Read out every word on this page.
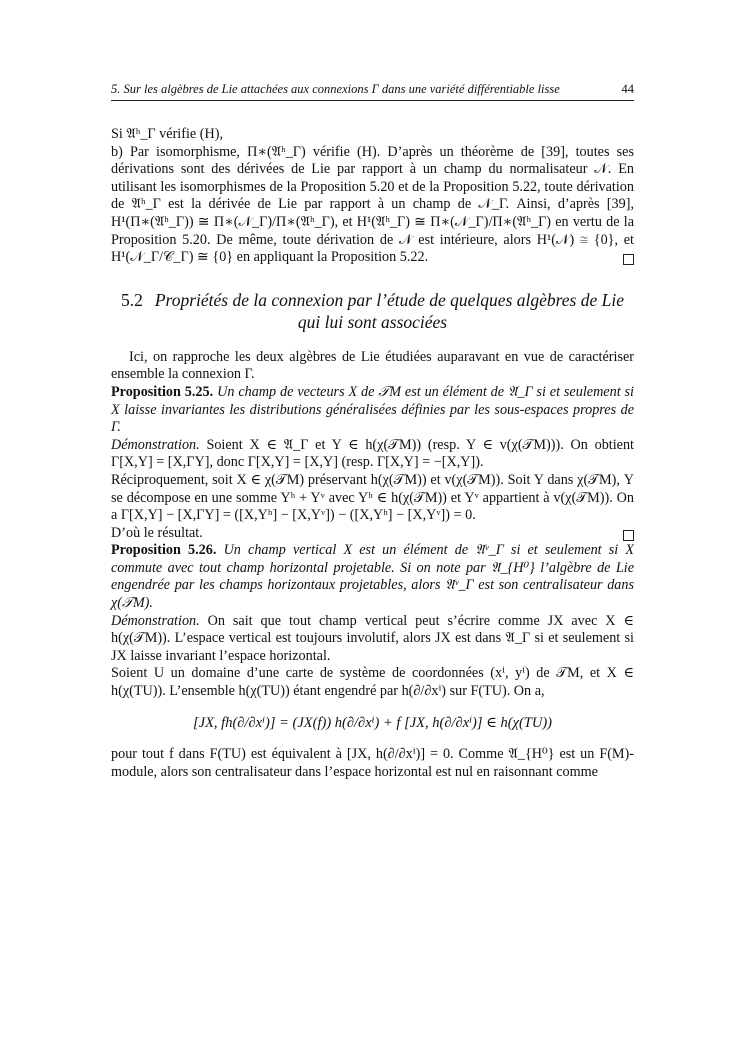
5. Sur les algèbres de Lie attachées aux connexions Γ dans une variété différentiable lisse	44

Si 𝔄ʰ_Γ vérifie (H),

b) Par isomorphisme, Π∗(𝔄ʰ_Γ) vérifie (H). D’après un théorème de [39], toutes ses dérivations sont des dérivées de Lie par rapport à un champ du normalisateur 𝒩. En utilisant les isomorphismes de la Proposition 5.20 et de la Proposition 5.22, toute dérivation de 𝔄ʰ_Γ est la dérivée de Lie par rapport à un champ de 𝒩_Γ. Ainsi, d’après [39], H¹(Π∗(𝔄ʰ_Γ)) ≅ Π∗(𝒩_Γ)/Π∗(𝔄ʰ_Γ), et H¹(𝔄ʰ_Γ) ≅ Π∗(𝒩_Γ)/Π∗(𝔄ʰ_Γ) en vertu de la Proposition 5.20. De même, toute dérivation de 𝒩 est intérieure, alors H¹(𝒩) ≅ {0}, et H¹(𝒩_Γ/𝒞_Γ) ≅ {0} en appliquant la Proposition 5.22.

5.2 Propriétés de la connexion par l’étude de quelques algèbres de Lie qui lui sont associées

Ici, on rapproche les deux algèbres de Lie étudiées auparavant en vue de caractériser ensemble la connexion Γ.

Proposition 5.25. Un champ de vecteurs X de 𝒯M est un élément de 𝔄_Γ si et seulement si X laisse invariantes les distributions généralisées définies par les sous-espaces propres de Γ.

Démonstration. Soient X ∈ 𝔄_Γ et Y ∈ h(χ(𝒯M)) (resp. Y ∈ v(χ(𝒯M))). On obtient Γ[X,Y] = [X,ΓY], donc Γ[X,Y] = [X,Y] (resp. Γ[X,Y] = −[X,Y]).

Réciproquement, soit X ∈ χ(𝒯M) préservant h(χ(𝒯M)) et v(χ(𝒯M)). Soit Y dans χ(𝒯M), Y se décompose en une somme Yʰ + Yᵛ avec Yʰ ∈ h(χ(𝒯M)) et Yᵛ appartient à v(χ(𝒯M)). On a Γ[X,Y] − [X,ΓY] = ([X,Yʰ] − [X,Yᵛ]) − ([X,Yʰ] − [X,Yᵛ]) = 0.

D’où le résultat.

Proposition 5.26. Un champ vertical X est un élément de 𝔄ᵛ_Γ si et seulement si X commute avec tout champ horizontal projetable. Si on note par 𝔄_{H⁰} l’algèbre de Lie engendrée par les champs horizontaux projetables, alors 𝔄ᵛ_Γ est son centralisateur dans χ(𝒯M).

Démonstration. On sait que tout champ vertical peut s’écrire comme JX avec X ∈ h(χ(𝒯M)). L’espace vertical est toujours involutif, alors JX est dans 𝔄_Γ si et seulement si JX laisse invariant l’espace horizontal.

Soient U un domaine d’une carte de système de coordonnées (xⁱ, yⁱ) de 𝒯M, et X ∈ h(χ(TU)). L’ensemble h(χ(TU)) étant engendré par h(∂/∂xⁱ) sur F(TU). On a,

[JX, fh(∂/∂xⁱ)] = (JX(f)) h(∂/∂xⁱ) + f [JX, h(∂/∂xⁱ)] ∈ h(χ(TU))

pour tout f dans F(TU) est équivalent à [JX, h(∂/∂xⁱ)] = 0. Comme 𝔄_{H⁰} est un F(M)-module, alors son centralisateur dans l’espace horizontal est nul en raisonnant comme
